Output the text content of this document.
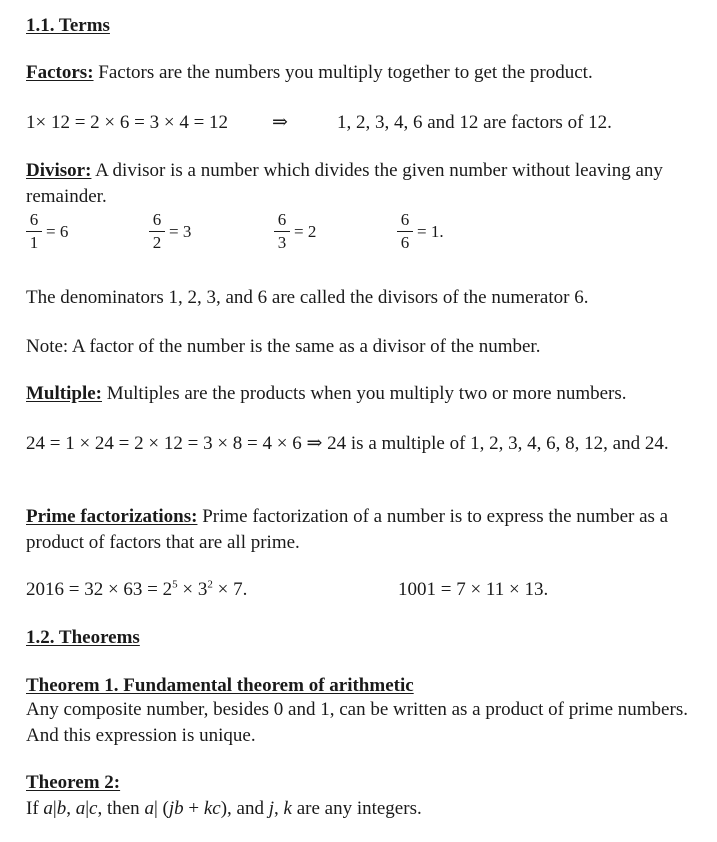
1.1. Terms
Factors: Factors are the numbers you multiply together to get the product.
1× 12 = 2 × 6 = 3 × 4 = 12 ⇒	1, 2, 3, 4, 6 and 12 are factors of 12.
Divisor: A divisor is a number which divides the given number without leaving any remainder.
6
1
= 6
6
2
= 3
6
3
= 2
6
6
= 1.
The denominators 1, 2, 3, and 6 are called the divisors of the numerator 6.
Note: A factor of the number is the same as a divisor of the number.
Multiple: Multiples are the products when you multiply two or more numbers.
24 = 1 × 24 = 2 × 12 = 3 × 8 = 4 × 6 ⇒ 24 is a multiple of 1, 2, 3, 4, 6, 8, 12, and 24.
Prime factorizations: Prime factorization of a number is to express the number as a product of factors that are all prime.
$2016 = 32 \times 63 = 2^5 \times 3^2 \times 7$.	1001 = 7 × 11 × 13.
1.2. Theorems
Theorem 1. Fundamental theorem of arithmetic
Any composite number, besides 0 and 1, can be written as a product of prime numbers. And this expression is unique.
Theorem 2:
If a|b, a|c, then a| (jb + kc), and j, k are any integers.
